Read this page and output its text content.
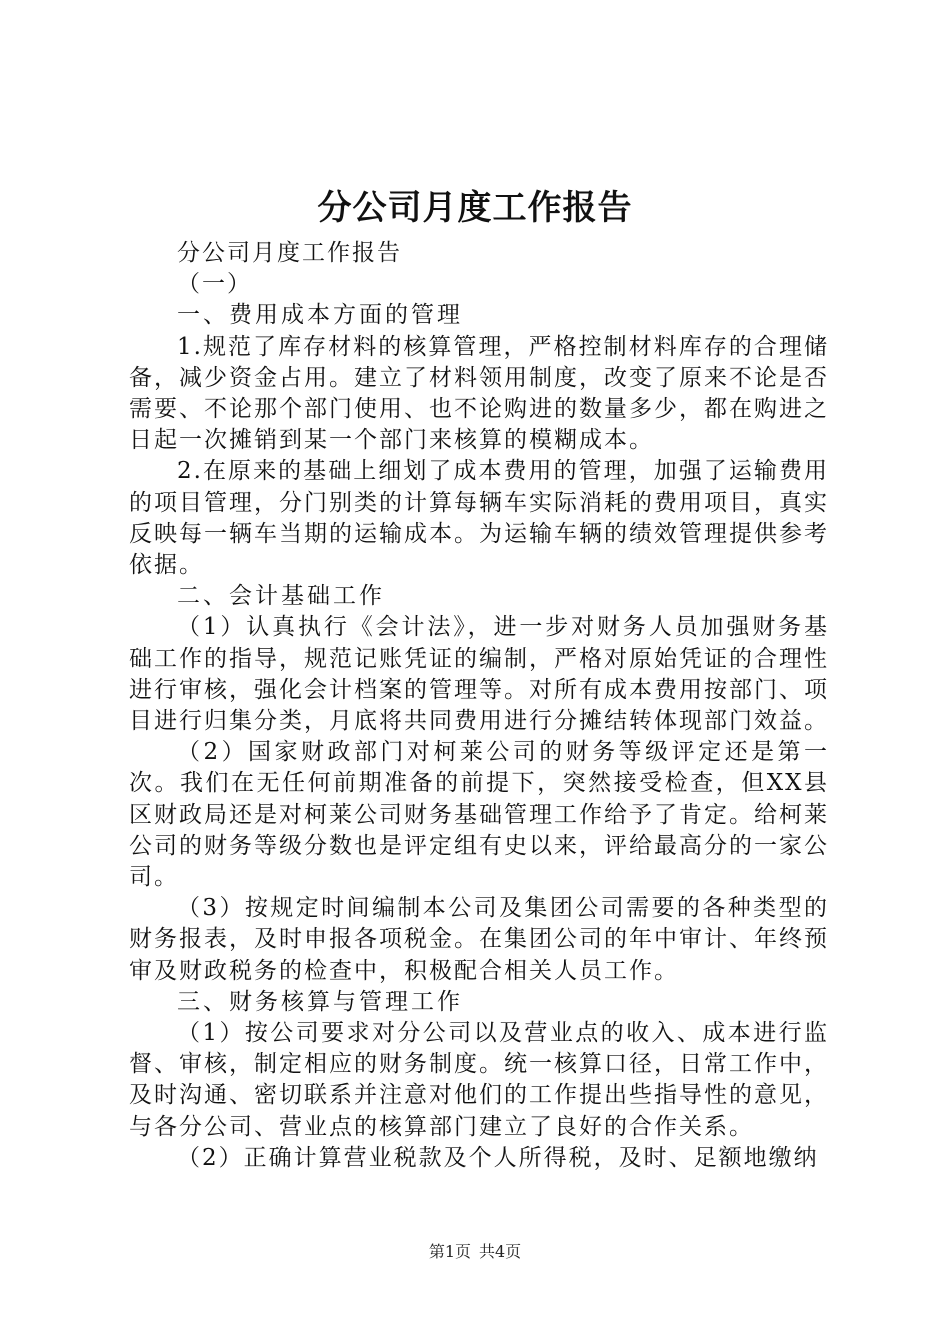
分公司月度工作报告

分公司月度工作报告

（一）

一、费用成本方面的管理

1.规范了库存材料的核算管理，严格控制材料库存的合理储备，减少资金占用。建立了材料领用制度，改变了原来不论是否需要、不论那个部门使用、也不论购进的数量多少，都在购进之日起一次摊销到某一个部门来核算的模糊成本。

2.在原来的基础上细划了成本费用的管理，加强了运输费用的项目管理，分门别类的计算每辆车实际消耗的费用项目，真实反映每一辆车当期的运输成本。为运输车辆的绩效管理提供参考依据。

二、会计基础工作

（1）认真执行《会计法》，进一步对财务人员加强财务基础工作的指导，规范记账凭证的编制，严格对原始凭证的合理性进行审核，强化会计档案的管理等。对所有成本费用按部门、项目进行归集分类，月底将共同费用进行分摊结转体现部门效益。

（2）国家财政部门对柯莱公司的财务等级评定还是第一次。我们在无任何前期准备的前提下，突然接受检查，但XX县区财政局还是对柯莱公司财务基础管理工作给予了肯定。给柯莱公司的财务等级分数也是评定组有史以来，评给最高分的一家公司。

（3）按规定时间编制本公司及集团公司需要的各种类型的财务报表，及时申报各项税金。在集团公司的年中审计、年终预审及财政税务的检查中，积极配合相关人员工作。

三、财务核算与管理工作

（1）按公司要求对分公司以及营业点的收入、成本进行监督、审核，制定相应的财务制度。统一核算口径，日常工作中，及时沟通、密切联系并注意对他们的工作提出些指导性的意见，与各分公司、营业点的核算部门建立了良好的合作关系。

（2）正确计算营业税款及个人所得税，及时、足额地缴纳

第1页 共4页
